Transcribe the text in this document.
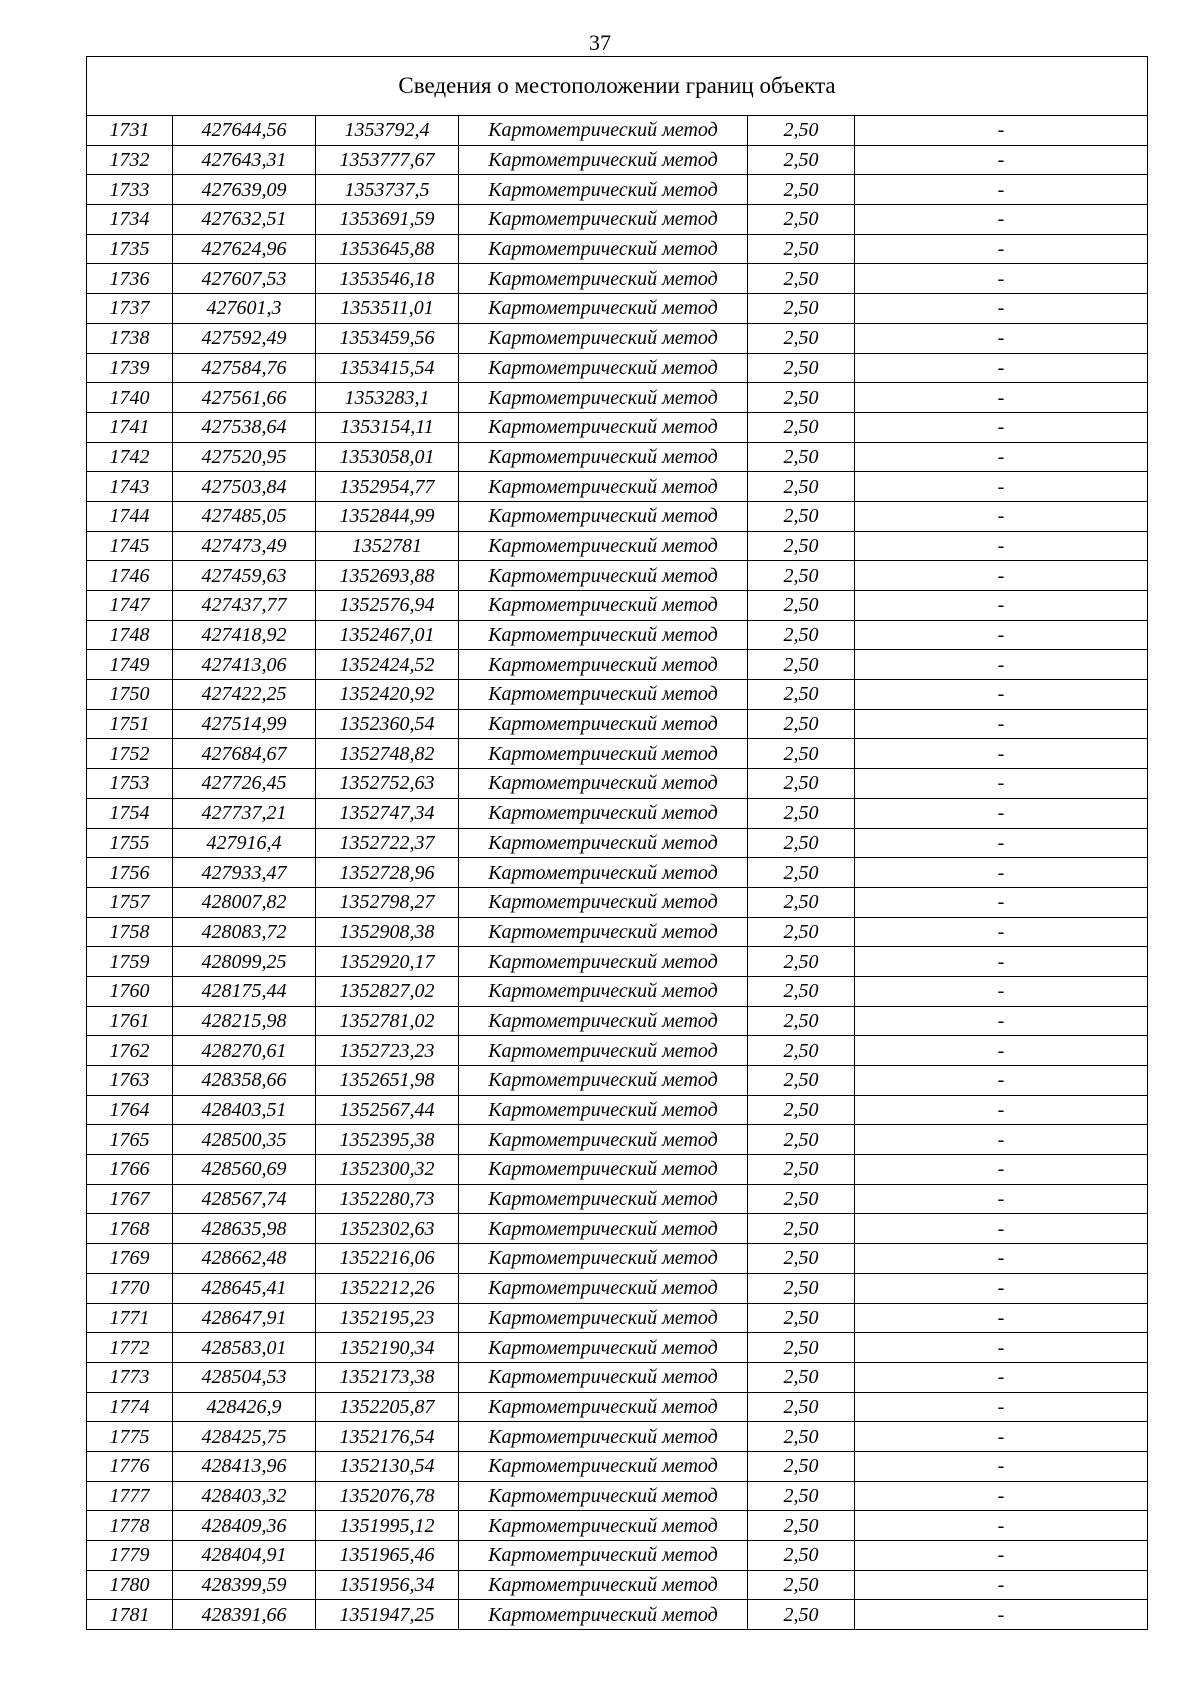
37
Сведения о местоположении границ объекта					
1731	427644,56	1353792,4	Картометрический метод	2,50	-
1732	427643,31	1353777,67	Картометрический метод	2,50	-
1733	427639,09	1353737,5	Картометрический метод	2,50	-
1734	427632,51	1353691,59	Картометрический метод	2,50	-
1735	427624,96	1353645,88	Картометрический метод	2,50	-
1736	427607,53	1353546,18	Картометрический метод	2,50	-
1737	427601,3	1353511,01	Картометрический метод	2,50	-
1738	427592,49	1353459,56	Картометрический метод	2,50	-
1739	427584,76	1353415,54	Картометрический метод	2,50	-
1740	427561,66	1353283,1	Картометрический метод	2,50	-
1741	427538,64	1353154,11	Картометрический метод	2,50	-
1742	427520,95	1353058,01	Картометрический метод	2,50	-
1743	427503,84	1352954,77	Картометрический метод	2,50	-
1744	427485,05	1352844,99	Картометрический метод	2,50	-
1745	427473,49	1352781	Картометрический метод	2,50	-
1746	427459,63	1352693,88	Картометрический метод	2,50	-
1747	427437,77	1352576,94	Картометрический метод	2,50	-
1748	427418,92	1352467,01	Картометрический метод	2,50	-
1749	427413,06	1352424,52	Картометрический метод	2,50	-
1750	427422,25	1352420,92	Картометрический метод	2,50	-
1751	427514,99	1352360,54	Картометрический метод	2,50	-
1752	427684,67	1352748,82	Картометрический метод	2,50	-
1753	427726,45	1352752,63	Картометрический метод	2,50	-
1754	427737,21	1352747,34	Картометрический метод	2,50	-
1755	427916,4	1352722,37	Картометрический метод	2,50	-
1756	427933,47	1352728,96	Картометрический метод	2,50	-
1757	428007,82	1352798,27	Картометрический метод	2,50	-
1758	428083,72	1352908,38	Картометрический метод	2,50	-
1759	428099,25	1352920,17	Картометрический метод	2,50	-
1760	428175,44	1352827,02	Картометрический метод	2,50	-
1761	428215,98	1352781,02	Картометрический метод	2,50	-
1762	428270,61	1352723,23	Картометрический метод	2,50	-
1763	428358,66	1352651,98	Картометрический метод	2,50	-
1764	428403,51	1352567,44	Картометрический метод	2,50	-
1765	428500,35	1352395,38	Картометрический метод	2,50	-
1766	428560,69	1352300,32	Картометрический метод	2,50	-
1767	428567,74	1352280,73	Картометрический метод	2,50	-
1768	428635,98	1352302,63	Картометрический метод	2,50	-
1769	428662,48	1352216,06	Картометрический метод	2,50	-
1770	428645,41	1352212,26	Картометрический метод	2,50	-
1771	428647,91	1352195,23	Картометрический метод	2,50	-
1772	428583,01	1352190,34	Картометрический метод	2,50	-
1773	428504,53	1352173,38	Картометрический метод	2,50	-
1774	428426,9	1352205,87	Картометрический метод	2,50	-
1775	428425,75	1352176,54	Картометрический метод	2,50	-
1776	428413,96	1352130,54	Картометрический метод	2,50	-
1777	428403,32	1352076,78	Картометрический метод	2,50	-
1778	428409,36	1351995,12	Картометрический метод	2,50	-
1779	428404,91	1351965,46	Картометрический метод	2,50	-
1780	428399,59	1351956,34	Картометрический метод	2,50	-
1781	428391,66	1351947,25	Картометрический метод	2,50	-
